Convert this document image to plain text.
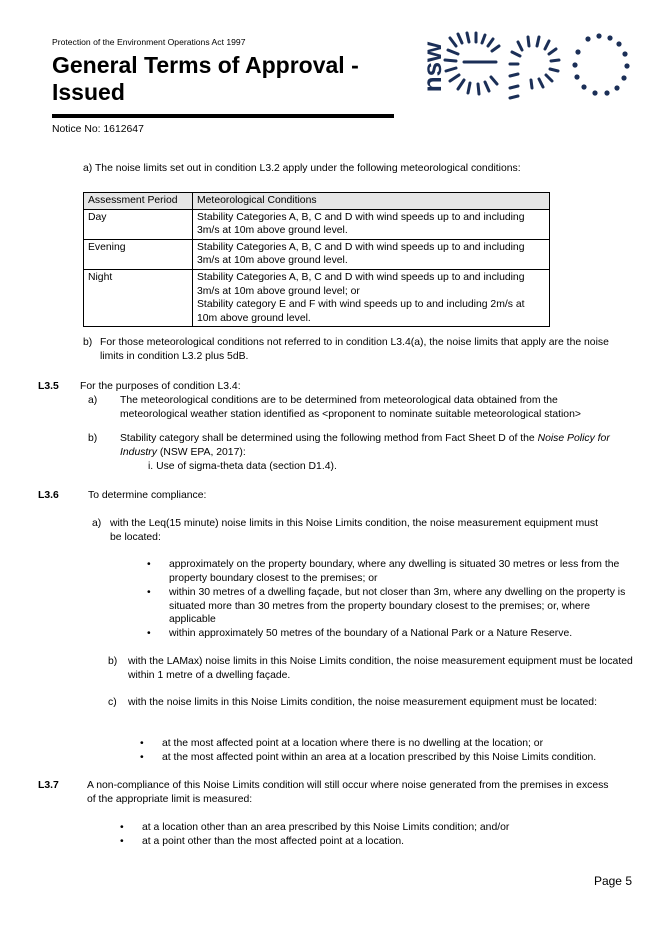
Protection of the Environment Operations Act 1997
General Terms of Approval - Issued
Notice No: 1612647
nsw
a) The noise limits set out in condition L3.2 apply under the following meteorological conditions:
Assessment Period	Meteorological Conditions
Day	Stability Categories A, B, C and D with wind speeds up to and including 3m/s at 10m above ground level.
Evening	Stability Categories A, B, C and D with wind speeds up to and including 3m/s at 10m above ground level.
Night	Stability Categories A, B, C and D with wind speeds up to and including 3m/s at 10m above ground level; or
Stability category E and F with wind speeds up to and including 2m/s at 10m above ground level.
b) For those meteorological conditions not referred to in condition L3.4(a), the noise limits that apply are the noise limits in condition L3.2 plus 5dB.
L3.5 For the purposes of condition L3.4:
a) The meteorological conditions are to be determined from meteorological data obtained from the meteorological weather station identified as <proponent to nominate suitable meteorological station>
b) Stability category shall be determined using the following method from Fact Sheet D of the Noise Policy for Industry (NSW EPA, 2017):
i. Use of sigma-theta data (section D1.4).
L3.6	To determine compliance:
a) with the Leq(15 minute) noise limits in this Noise Limits condition, the noise measurement equipment must be located:
• approximately on the property boundary, where any dwelling is situated 30 metres or less from the property boundary closest to the premises; or
• within 30 metres of a dwelling façade, but not closer than 3m, where any dwelling on the property is situated more than 30 metres from the property boundary closest to the premises; or, where applicable
• within approximately 50 metres of the boundary of a National Park or a Nature Reserve.
b) with the LAMax) noise limits in this Noise Limits condition, the noise measurement equipment must be located within 1 metre of a dwelling façade.
c) with the noise limits in this Noise Limits condition, the noise measurement equipment must be located:
• at the most affected point at a location where there is no dwelling at the location; or
• at the most affected point within an area at a location prescribed by this Noise Limits condition.
L3.7	A non-compliance of this Noise Limits condition will still occur where noise generated from the premises in excess of the appropriate limit is measured:
• at a location other than an area prescribed by this Noise Limits condition; and/or
• at a point other than the most affected point at a location.
Page 5
